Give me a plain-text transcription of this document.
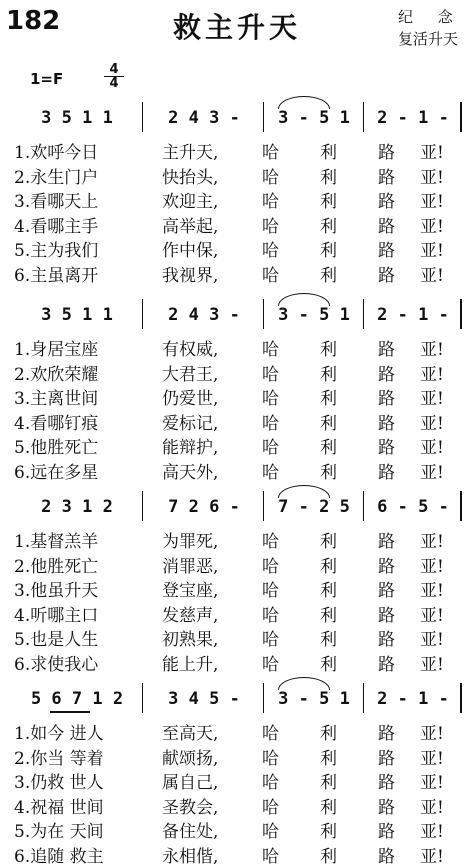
182	救主升天	纪 念
复活升天
1=F
4
4
3 5 1 1	2 4 3 -	3 - 5 1	2 - 1 -
1.欢呼今日	主升天,	哈 利 路 亚!
2.永生门户	快抬头,	哈 利 路 亚!
3.看哪天上	欢迎主,	哈 利 路 亚!
4.看哪主手	高举起,	哈 利 路 亚!
5.主为我们	作中保,	哈 利 路 亚!
6.主虽离开	我视界,	哈 利 路 亚!
3 5 1 1	2 4 3 -	3 - 5 1	2 - 1 -
1.身居宝座	有权威,	哈 利 路 亚!
2.欢欣荣耀	大君王,	哈 利 路 亚!
3.主离世间	仍爱世,	哈 利 路 亚!
4.看哪钉痕	爱标记,	哈 利 路 亚!
5.他胜死亡	能辩护,	哈 利 路 亚!
6.远在多星	高天外,	哈 利 路 亚!
2 3 1 2	7 2 6 -	7 - 2 5	6 - 5 -
1.基督羔羊	为罪死,	哈 利 路 亚!
2.他胜死亡	消罪恶,	哈 利 路 亚!
3.他虽升天	登宝座,	哈 利 路 亚!
4.听哪主口	发慈声,	哈 利 路 亚!
5.也是人生	初熟果,	哈 利 路 亚!
6.求使我心	能上升,	哈 利 路 亚!
5 6 7 1 2	3 4 5 -	3 - 5 1	2 - 1 -
1.如今 进人	至高天,	哈 利 路 亚!
2.你当 等着	献颂扬,	哈 利 路 亚!
3.仍救 世人	属自己,	哈 利 路 亚!
4.祝福 世间	圣教会,	哈 利 路 亚!
5.为在 天间	备住处,	哈 利 路 亚!
6.追随 救主	永相偕,	哈 利 路 亚!
